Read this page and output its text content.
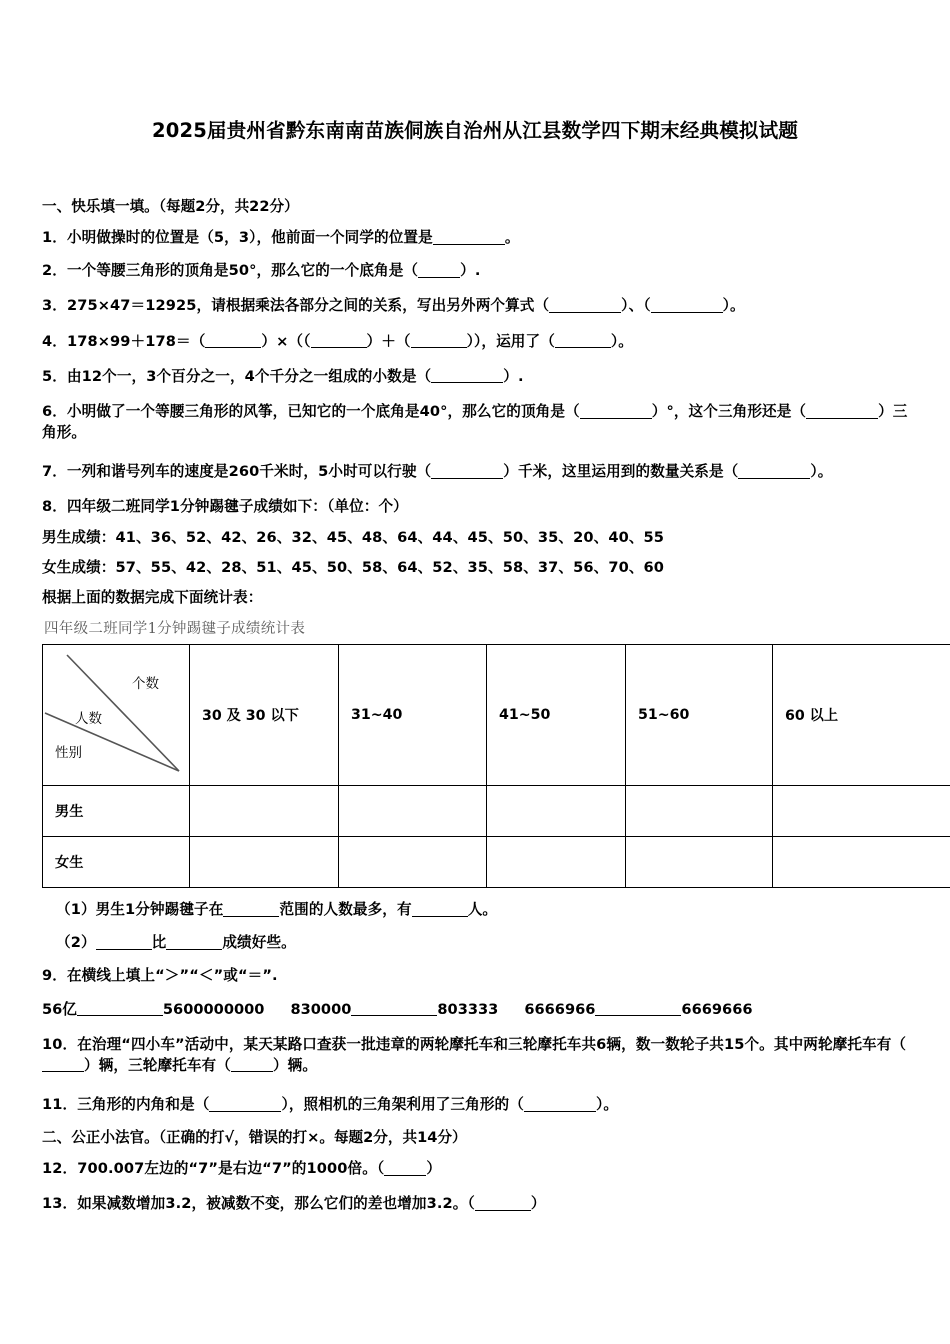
2025届贵州省黔东南南苗族侗族自治州从江县数学四下期末经典模拟试题
一、快乐填一填。（每题2分，共22分）
1．小明做操时的位置是（5，3），他前面一个同学的位置是	。
2．一个等腰三角形的顶角是50°，那么它的一个底角是（	）.
3．275×47＝12925，请根据乘法各部分之间的关系，写出另外两个算式（	）、（	）。
4．178×99＋178＝（	）×（（	）＋（	）），运用了（	）。
5．由12个一，3个百分之一，4个千分之一组成的小数是（	）.
6．小明做了一个等腰三角形的风筝，已知它的一个底角是40°，那么它的顶角是（	）°，这个三角形还是（	）三角形。
7．一列和谐号列车的速度是260千米时，5小时可以行驶（	）千米，这里运用到的数量关系是（	）。
8．四年级二班同学1分钟踢毽子成绩如下：（单位：个）
男生成绩：41、36、52、42、26、32、45、48、64、44、45、50、35、20、40、55
女生成绩：57、55、42、28、51、45、50、58、64、52、35、58、37、56、70、60
根据上面的数据完成下面统计表：
四年级二班同学1分钟踢毽子成绩统计表
个数
人数
性别	30 及 30 以下	31~40	41~50	51~60	60 以上
男生					
女生					
（1）男生1分钟踢毽子在	范围的人数最多，有	人。
（2）	比	成绩好些。
9．在横线上填上“＞”“＜”或“＝”.
56亿	5600000000 830000	803333 6666966	6669666
10．在治理“四小车”活动中，某天某路口查获一批违章的两轮摩托车和三轮摩托车共6辆，数一数轮子共15个。其中两轮摩托车有（）辆，三轮摩托车有（	）辆。
11．三角形的内角和是（	），照相机的三角架利用了三角形的（	）。
二、公正小法官。（正确的打√，错误的打×。每题2分，共14分）
12．700.007左边的“7”是右边“7”的1000倍。（	）
13．如果减数增加3.2，被减数不变，那么它们的差也增加3.2。（	）
